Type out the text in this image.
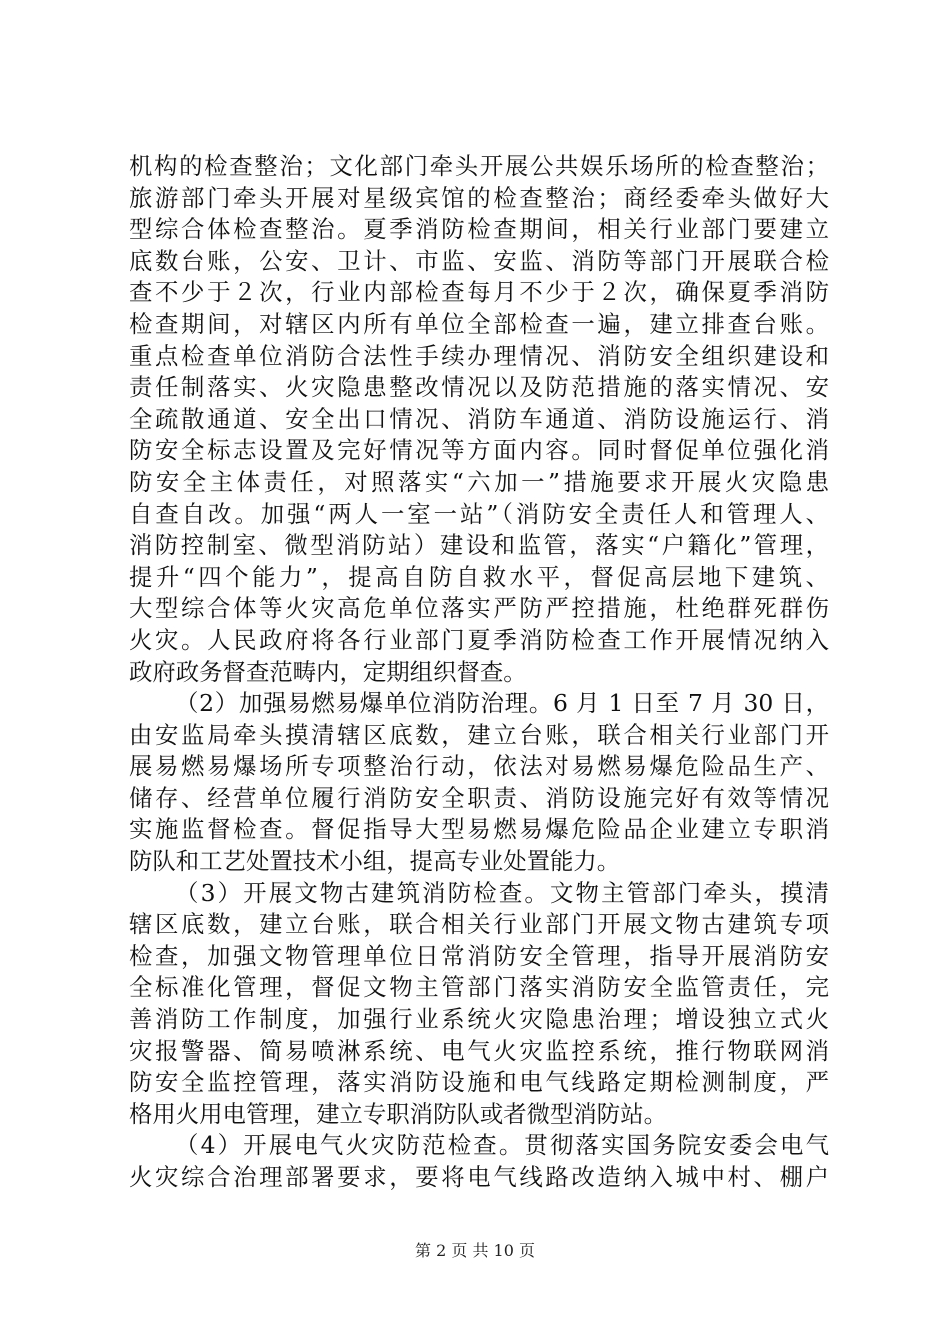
机构的检查整治；文化部门牵头开展公共娱乐场所的检查整治；
旅游部门牵头开展对星级宾馆的检查整治；商经委牵头做好大
型综合体检查整治。夏季消防检查期间，相关行业部门要建立
底数台账，公安、卫计、市监、安监、消防等部门开展联合检
查不少于２次，行业内部检查每月不少于２次，确保夏季消防
检查期间，对辖区内所有单位全部检查一遍，建立排查台账。
重点检查单位消防合法性手续办理情况、消防安全组织建设和
责任制落实、火灾隐患整改情况以及防范措施的落实情况、安
全疏散通道、安全出口情况、消防车通道、消防设施运行、消
防安全标志设置及完好情况等方面内容。同时督促单位强化消
防安全主体责任，对照落实“六加一”措施要求开展火灾隐患
自查自改。加强“两人一室一站”（消防安全责任人和管理人、
消防控制室、微型消防站）建设和监管，落实“户籍化”管理，
提升“四个能力”，提高自防自救水平，督促高层地下建筑、
大型综合体等火灾高危单位落实严防严控措施，杜绝群死群伤
火灾。人民政府将各行业部门夏季消防检查工作开展情况纳入
政府政务督查范畴内，定期组织督查。
（2）加强易燃易爆单位消防治理。6 月 1 日至 7 月 30 日，
由安监局牵头摸清辖区底数，建立台账，联合相关行业部门开
展易燃易爆场所专项整治行动，依法对易燃易爆危险品生产、
储存、经营单位履行消防安全职责、消防设施完好有效等情况
实施监督检查。督促指导大型易燃易爆危险品企业建立专职消
防队和工艺处置技术小组，提高专业处置能力。
（3）开展文物古建筑消防检查。文物主管部门牵头，摸清
辖区底数，建立台账，联合相关行业部门开展文物古建筑专项
检查，加强文物管理单位日常消防安全管理，指导开展消防安
全标准化管理，督促文物主管部门落实消防安全监管责任，完
善消防工作制度，加强行业系统火灾隐患治理；增设独立式火
灾报警器、简易喷淋系统、电气火灾监控系统，推行物联网消
防安全监控管理，落实消防设施和电气线路定期检测制度，严
格用火用电管理，建立专职消防队或者微型消防站。
（4）开展电气火灾防范检查。贯彻落实国务院安委会电气
火灾综合治理部署要求，要将电气线路改造纳入城中村、棚户
第 2 页 共 10 页
